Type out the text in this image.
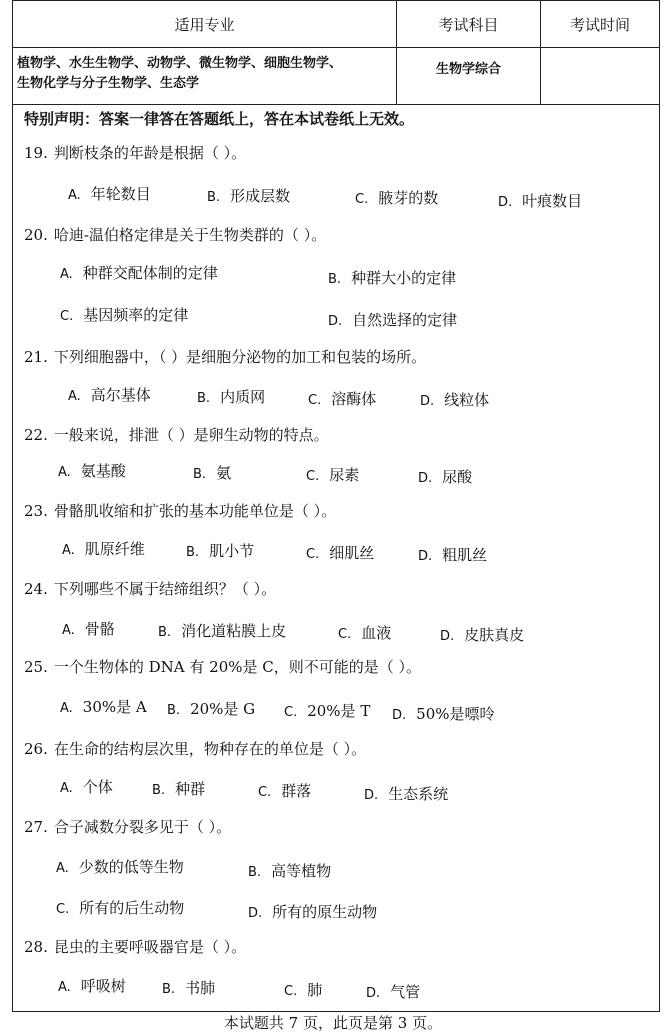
适用专业	考试科目	考试时间

植物学、水生生物学、动物学、微生物学、细胞生物学、
生物化学与分子生物学、生态学	生物学综合	
特别声明：答案一律答在答题纸上，答在本试卷纸上无效。
19. 判断枝条的年龄是根据（ ）。
A. 年轮数目	B. 形成层数	C. 腋芽的数	D. 叶痕数目
20. 哈迪-温伯格定律是关于生物类群的（ ）。
A. 种群交配体制的定律	B. 种群大小的定律
C. 基因频率的定律	D. 自然选择的定律
21. 下列细胞器中，（ ）是细胞分泌物的加工和包装的场所。
A. 高尔基体	B. 内质网	C. 溶酶体	D. 线粒体
22. 一般来说，排泄（ ）是卵生动物的特点。
A. 氨基酸	B. 氨	C. 尿素	D. 尿酸
23. 骨骼肌收缩和扩张的基本功能单位是（ ）。
A. 肌原纤维	B. 肌小节	C. 细肌丝	D. 粗肌丝
24. 下列哪些不属于结缔组织？（ ）。
A. 骨骼	B. 消化道粘膜上皮	C. 血液	D. 皮肤真皮
25. 一个生物体的 DNA 有 20%是 C，则不可能的是（ ）。
A. 30%是 A B. 20%是 G C. 20%是 T D. 50%是嘌呤
26. 在生命的结构层次里，物种存在的单位是（ ）。
A. 个体	B. 种群	C. 群落	D. 生态系统
27. 合子减数分裂多见于（ ）。
A. 少数的低等生物	B. 高等植物
C. 所有的后生动物	D. 所有的原生动物
28. 昆虫的主要呼吸器官是（ ）。
A. 呼吸树	B. 书肺	C. 肺	D. 气管
本试题共 7 页，此页是第 3 页。
